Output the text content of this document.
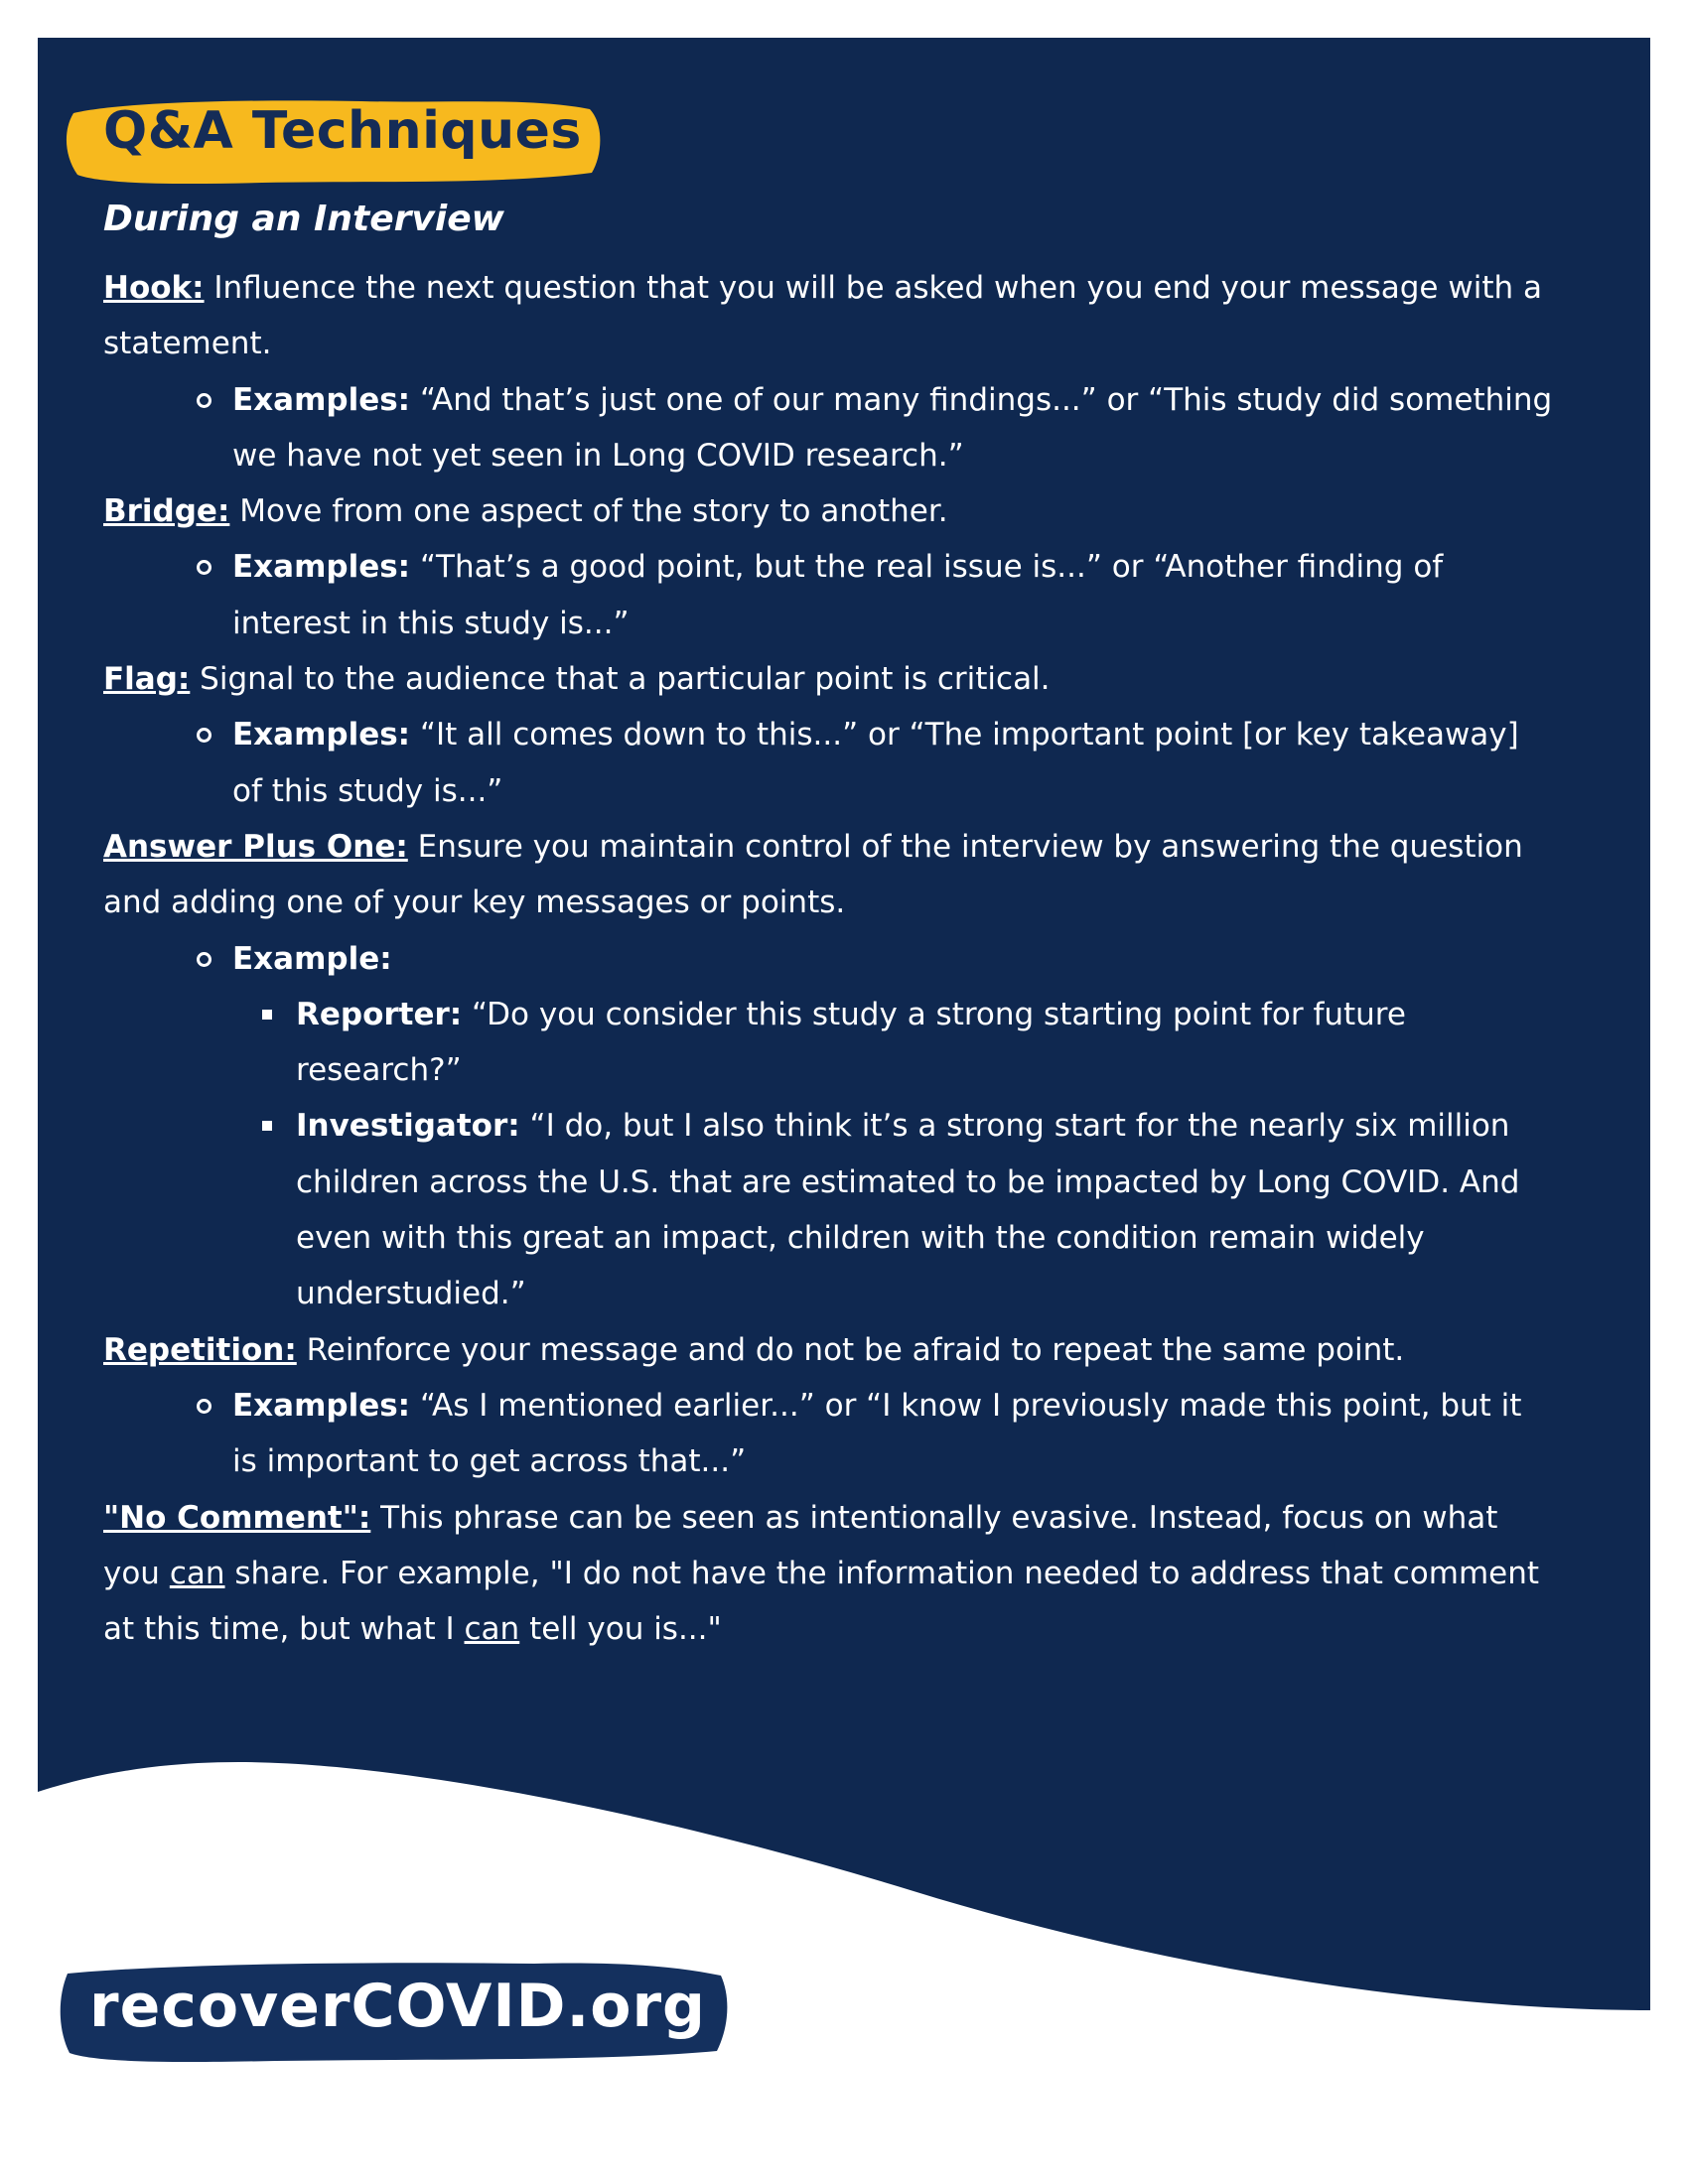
Q&A Techniques
During an Interview

Hook: Influence the next question that you will be asked when you end your message with a statement.

Examples: “And that’s just one of our many findings...” or “This study did something we have not yet seen in Long COVID research.”

Bridge: Move from one aspect of the story to another.

Examples: “That’s a good point, but the real issue is...” or “Another finding of interest in this study is...”

Flag: Signal to the audience that a particular point is critical.

Examples: “It all comes down to this...” or “The important point [or key takeaway] of this study is...”

Answer Plus One: Ensure you maintain control of the interview by answering the question and adding one of your key messages or points.

Example:
Reporter: “Do you consider this study a strong starting point for future research?”
Investigator: “I do, but I also think it’s a strong start for the nearly six million children across the U.S. that are estimated to be impacted by Long COVID. And even with this great an impact, children with the condition remain widely understudied.”

Repetition: Reinforce your message and do not be afraid to repeat the same point.

Examples: “As I mentioned earlier...” or “I know I previously made this point, but it is important to get across that...”

"No Comment": This phrase can be seen as intentionally evasive. Instead, focus on what you can share. For example, "I do not have the information needed to address that comment at this time, but what I can tell you is..."

recoverCOVID.org
